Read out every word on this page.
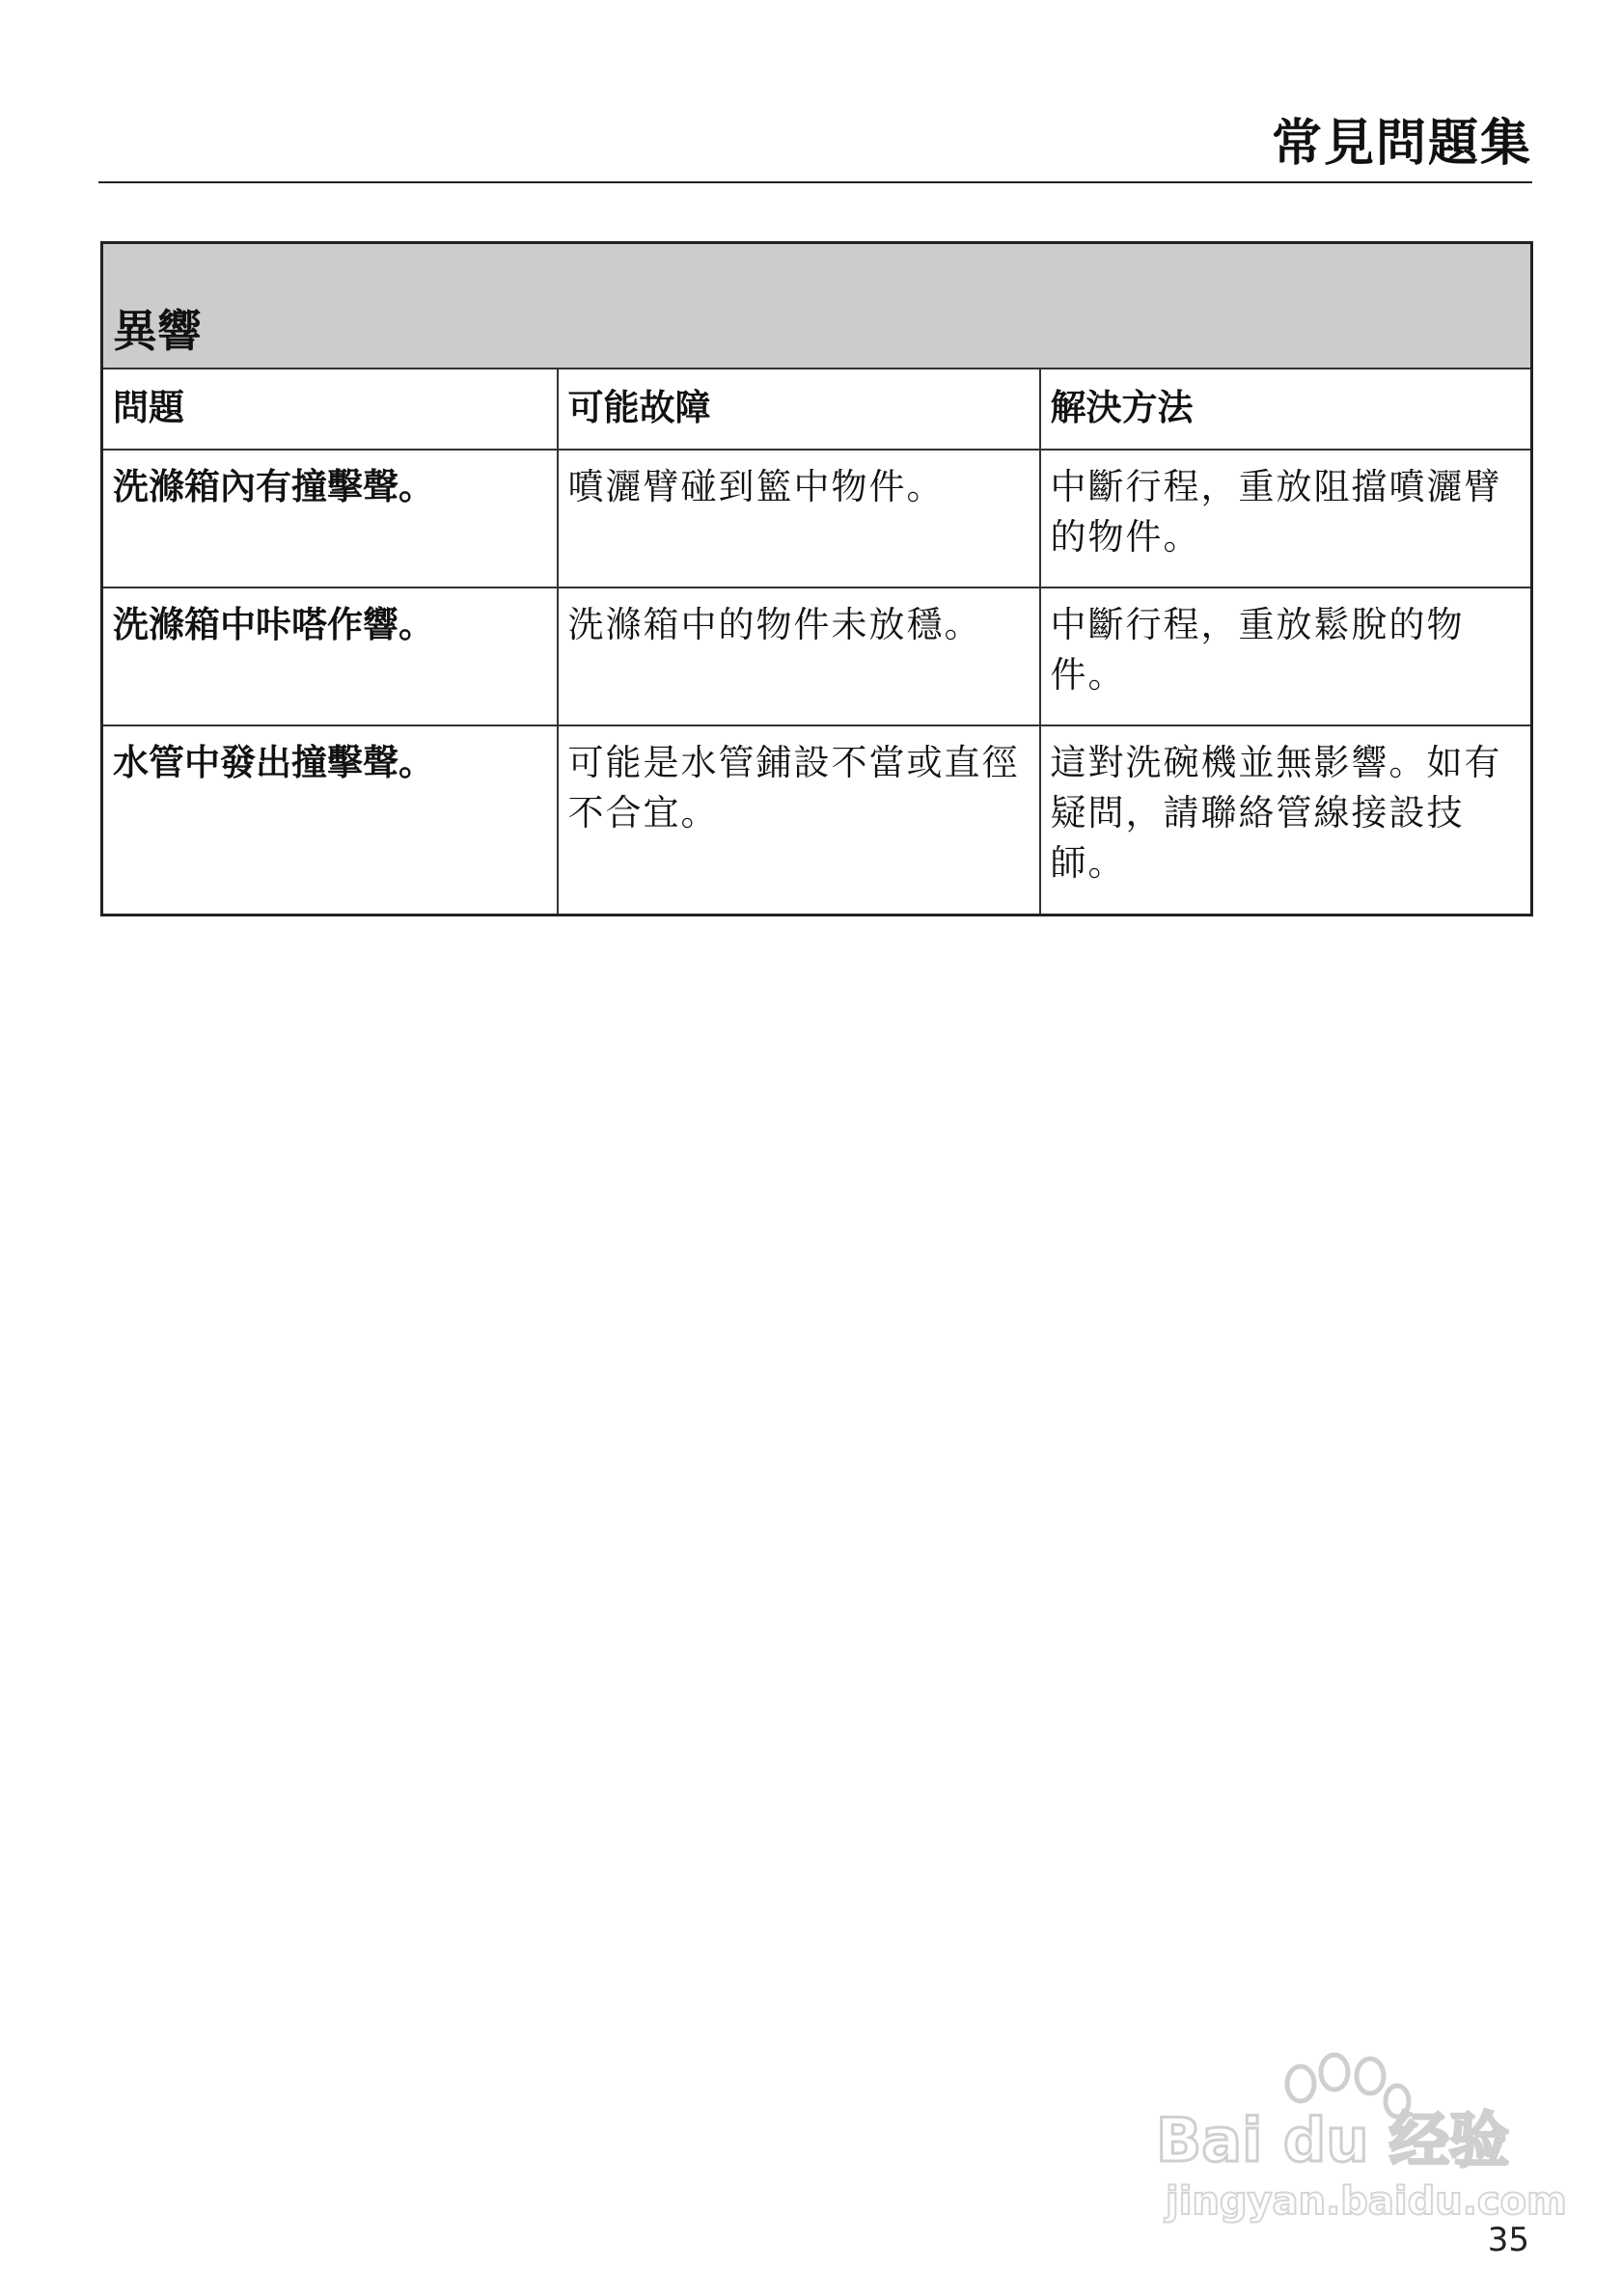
常見問題集
異響		
問題	可能故障	解決方法
洗滌箱內有撞擊聲。	噴灑臂碰到籃中物件。	中斷行程，重放阻擋噴灑臂的物件。
洗滌箱中咔嗒作響。	洗滌箱中的物件未放穩。	中斷行程，重放鬆脫的物件。
水管中發出撞擊聲。	可能是水管鋪設不當或直徑不合宜。	這對洗碗機並無影響。如有疑問，請聯絡管線接設技師。
Bai du 经验
jingyan.baidu.com
35
